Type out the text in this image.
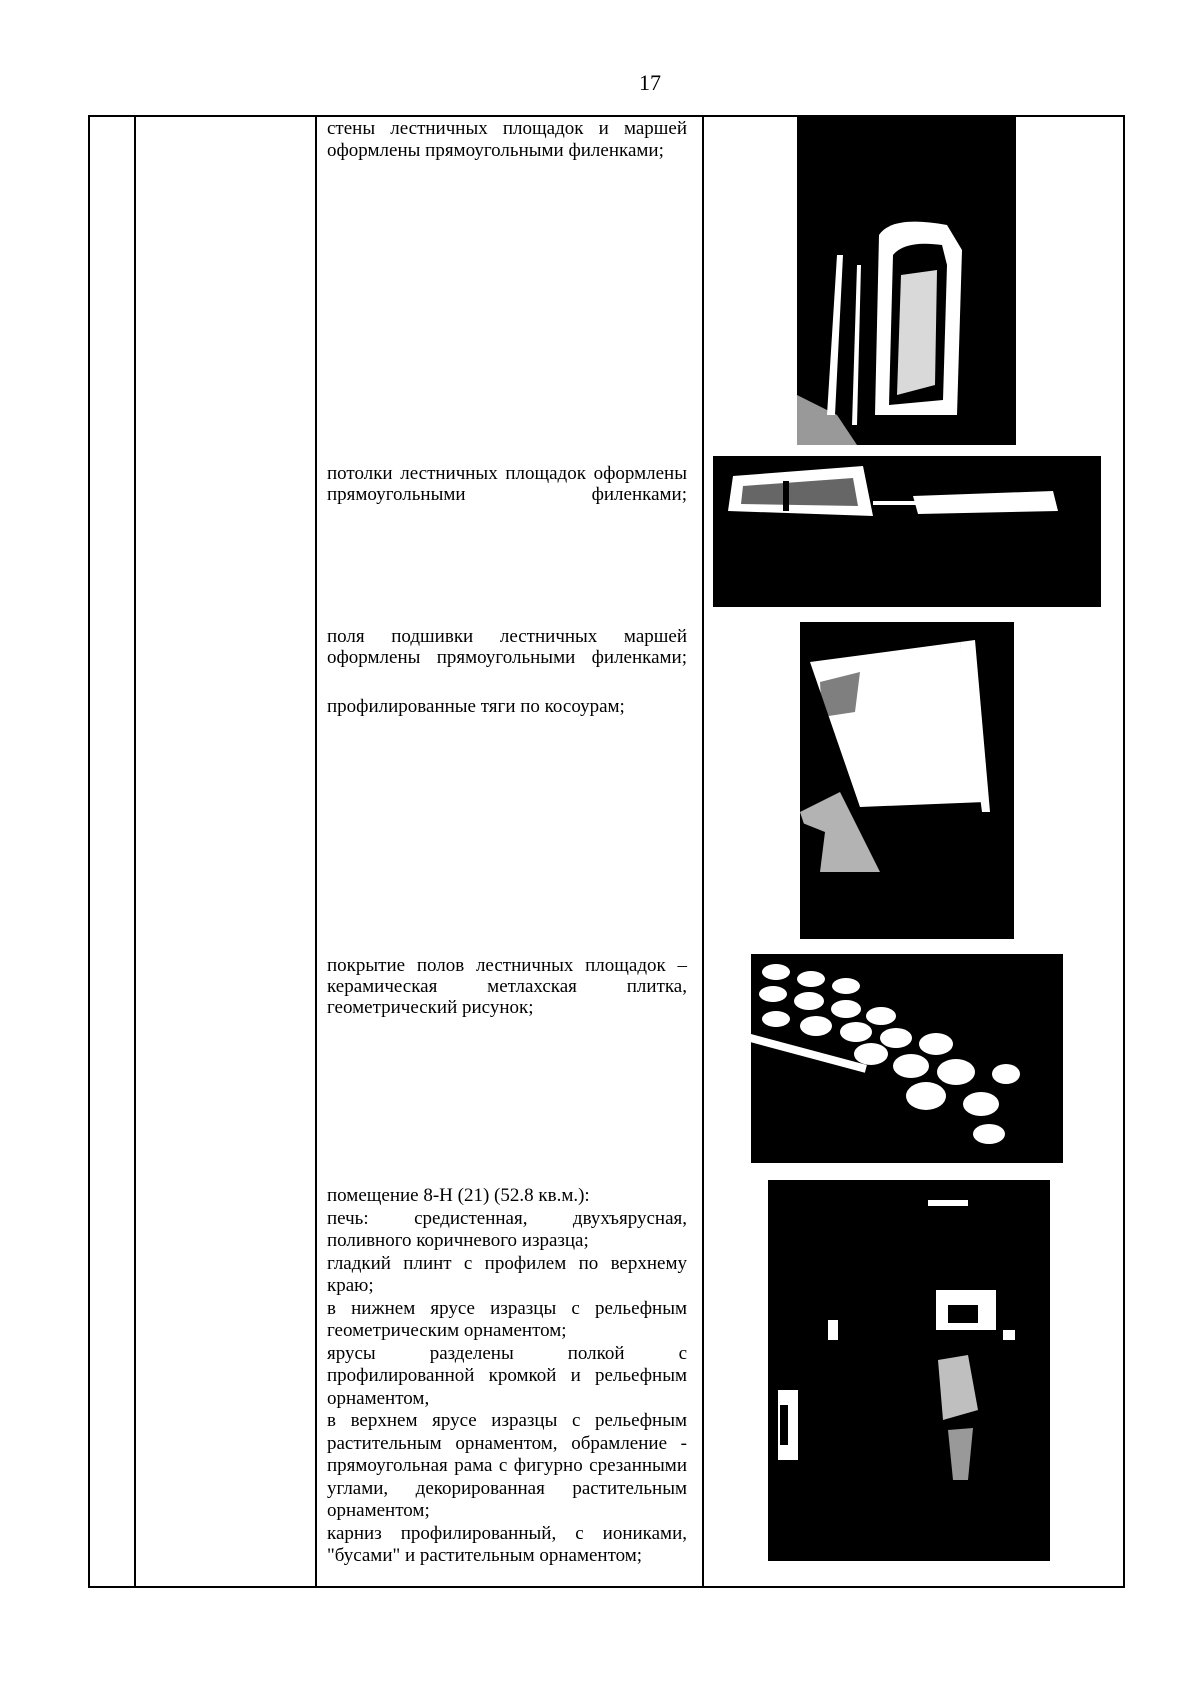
17

стены лестничных площадок и маршей оформлены прямоугольными филенками;

потолки лестничных площадок оформлены прямоугольными филенками;

поля подшивки лестничных маршей оформлены прямоугольными филенками;

профилированные тяги по косоурам;

покрытие полов лестничных площадок – керамическая метлахская плитка, геометрический рисунок;

помещение 8-Н (21) (52.8 кв.м.):

печь: средистенная, двухъярусная, поливного коричневого изразца;

гладкий плинт с профилем по верхнему краю;

в нижнем ярусе изразцы с рельефным геометрическим орнаментом;

ярусы разделены полкой с профилированной кромкой и рельефным орнаментом,

в верхнем ярусе изразцы с рельефным растительным орнаментом, обрамление - прямоугольная рама с фигурно срезанными углами, декорированная растительным орнаментом;

карниз профилированный, с иониками, "бусами" и растительным орнаментом;
